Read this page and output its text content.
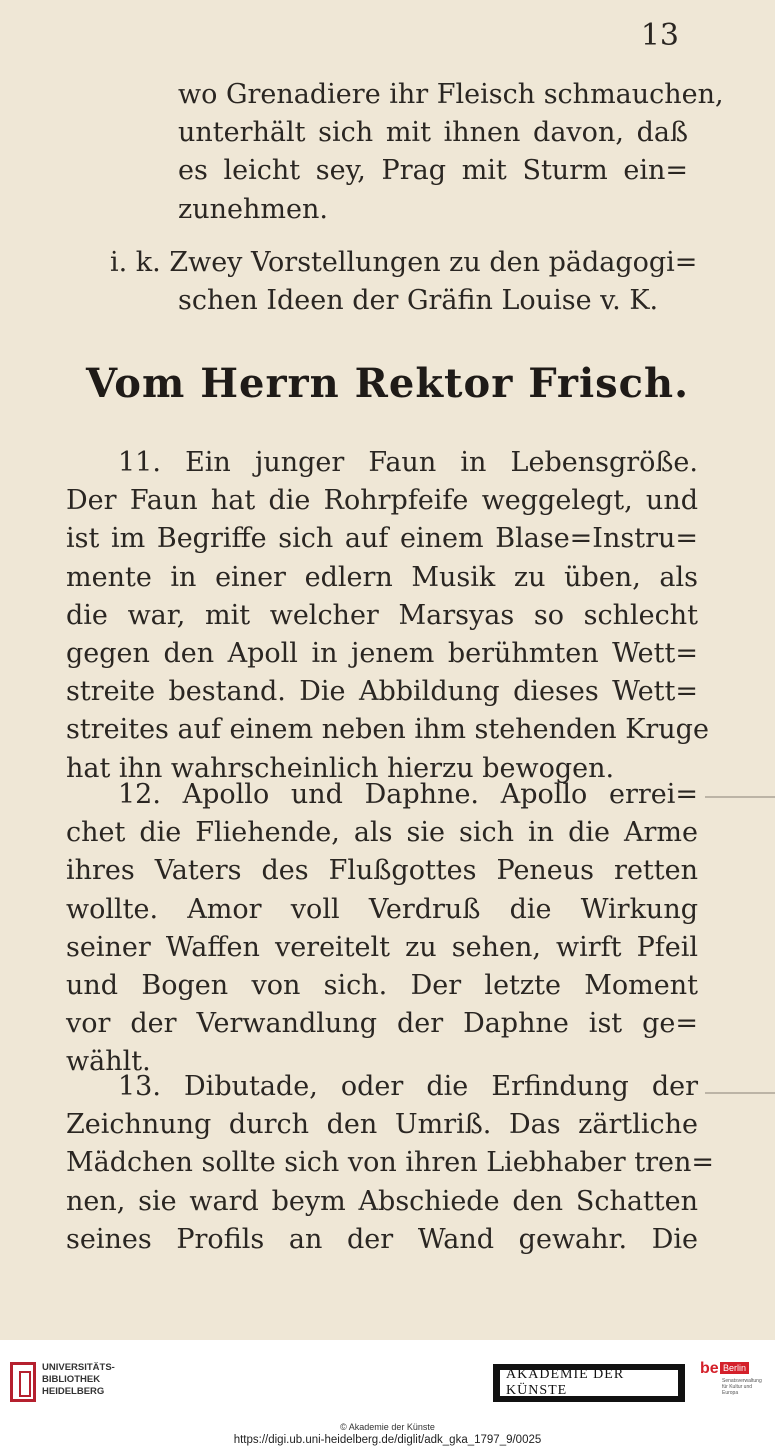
13
wo Grenadiere ihr Fleisch schmauchen,
unterhält sich mit ihnen davon, daß
es leicht sey, Prag mit Sturm ein=
zunehmen.
i. k. Zwey Vorstellungen zu den pädagogi=
schen Ideen der Gräfin Louise v. K.
Vom Herrn Rektor Frisch.
11. Ein junger Faun in Lebensgröße.
Der Faun hat die Rohrpfeife weggelegt, und
ist im Begriffe sich auf einem Blase=Instru=
mente in einer edlern Musik zu üben, als
die war, mit welcher Marsyas so schlecht
gegen den Apoll in jenem berühmten Wett=
streite bestand. Die Abbildung dieses Wett=
streites auf einem neben ihm stehenden Kruge
hat ihn wahrscheinlich hierzu bewogen.
12. Apollo und Daphne. Apollo errei=
chet die Fliehende, als sie sich in die Arme
ihres Vaters des Flußgottes Peneus retten
wollte. Amor voll Verdruß die Wirkung
seiner Waffen vereitelt zu sehen, wirft Pfeil
und Bogen von sich. Der letzte Moment
vor der Verwandlung der Daphne ist ge=
wählt.
13. Dibutade, oder die Erfindung der
Zeichnung durch den Umriß. Das zärtliche
Mädchen sollte sich von ihren Liebhaber tren=
nen, sie ward beym Abschiede den Schatten
seines Profils an der Wand gewahr. Die
UNIVERSITÄTS-
BIBLIOTHEK
HEIDELBERG
AKADEMIE DER KÜNSTE
be Berlin
Senatsverwaltung für Kultur und Europa
© Akademie der Künste
https://digi.ub.uni-heidelberg.de/diglit/adk_gka_1797_9/0025
